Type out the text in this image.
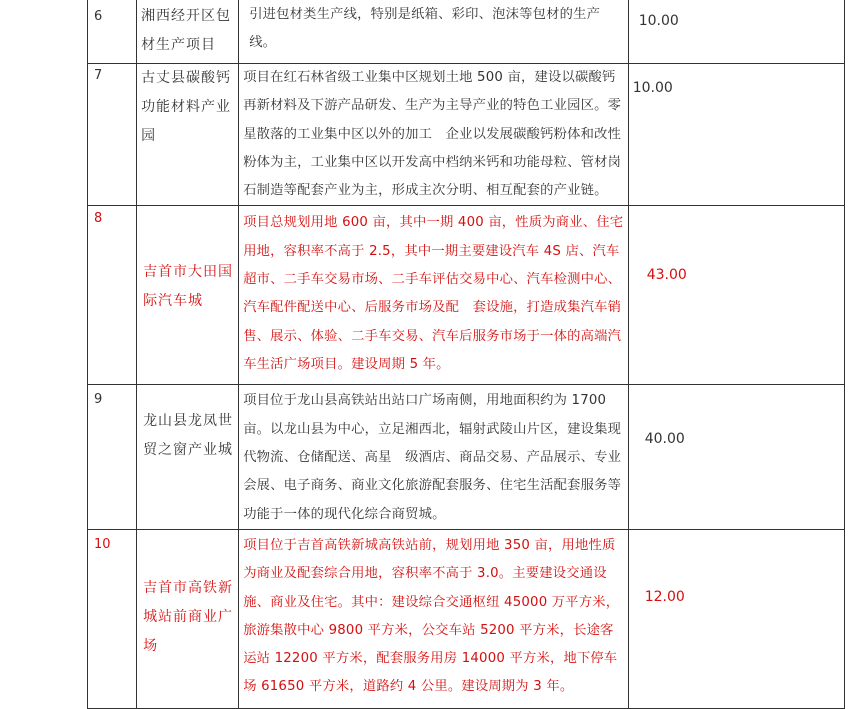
6	湘西经开区包材生产项目	引进包材类生产线，特别是纸箱、彩印、泡沫等包材的生产线。	10.00

7	古丈县碳酸钙功能材料产业园	项目在红石林省级工业集中区规划土地 500 亩，建设以碳酸钙再新材料及下游产品研发、生产为主导产业的特色工业园区。零星散落的工业集中区以外的加工　企业以发展碳酸钙粉体和改性粉体为主，工业集中区以开发高中档纳米钙和功能母粒、管材岗石制造等配套产业为主，形成主次分明、相互配套的产业链。	10.00

8	吉首市大田国际汽车城	项目总规划用地 600 亩，其中一期 400 亩，性质为商业、住宅用地，容积率不高于 2.5，其中一期主要建设汽车 4S 店、汽车超市、二手车交易市场、二手车评估交易中心、汽车检测中心、汽车配件配送中心、后服务市场及配　套设施，打造成集汽车销售、展示、体验、二手车交易、汽车后服务市场于一体的高端汽车生活广场项目。建设周期 5 年。	43.00

9	龙山县龙凤世贸之窗产业城	项目位于龙山县高铁站出站口广场南侧，用地面积约为 1700 亩。以龙山县为中心，立足湘西北，辐射武陵山片区，建设集现代物流、仓储配送、高星　级酒店、商品交易、产品展示、专业会展、电子商务、商业文化旅游配套服务、住宅生活配套服务等功能于一体的现代化综合商贸城。	40.00

10	吉首市高铁新城站前商业广场	项目位于吉首高铁新城高铁站前，规划用地 350 亩，用地性质为商业及配套综合用地，容积率不高于 3.0。主要建设交通设施、商业及住宅。其中：建设综合交通枢纽 45000 万平方米，旅游集散中心 9800 平方米，公交车站 5200 平方米，长途客运站 12200 平方米，配套服务用房 14000 平方米，地下停车场 61650 平方米，道路约 4 公里。建设周期为 3 年。	12.00
